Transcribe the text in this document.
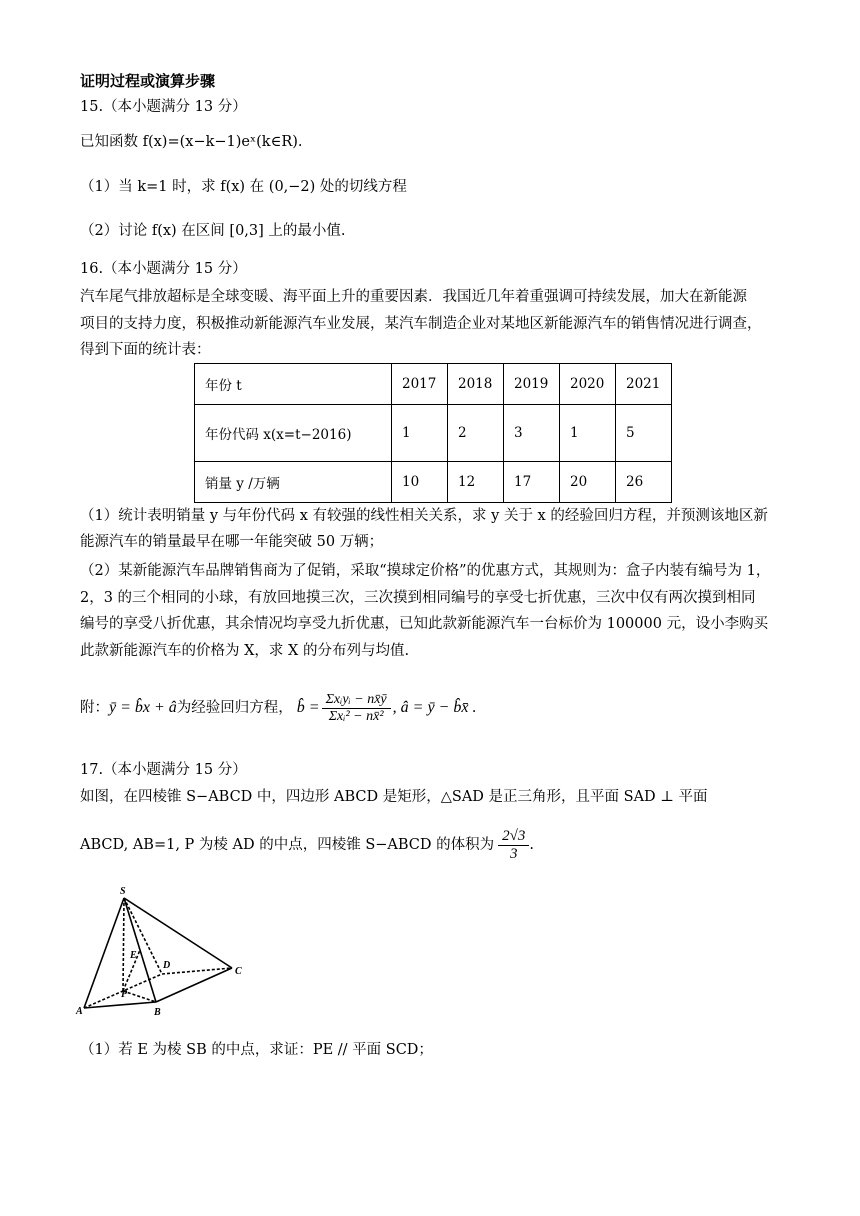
证明过程或演算步骤
15.（本小题满分 13 分）
已知函数 f(x)=(x−k−1)eˣ(k∈R).
（1）当 k=1 时，求 f(x) 在 (0,−2) 处的切线方程
（2）讨论 f(x) 在区间 [0,3] 上的最小值.
16.（本小题满分 15 分）
汽车尾气排放超标是全球变暖、海平面上升的重要因素．我国近几年着重强调可持续发展，加大在新能源
项目的支持力度，积极推动新能源汽车业发展，某汽车制造企业对某地区新能源汽车的销售情况进行调查，
得到下面的统计表：
年份 t	2017	2018	2019	2020	2021
年份代码 x(x=t−2016)	1	2	3	1	5
销量 y /万辆	10	12	17	20	26
（1）统计表明销量 y 与年份代码 x 有较强的线性相关关系，求 y 关于 x 的经验回归方程，并预测该地区新
能源汽车的销量最早在哪一年能突破 50 万辆；
（2）某新能源汽车品牌销售商为了促销，采取“摸球定价格”的优惠方式，其规则为：盒子内装有编号为 1，
2，3 的三个相同的小球，有放回地摸三次，三次摸到相同编号的享受七折优惠，三次中仅有两次摸到相同
编号的享受八折优惠，其余情况均享受九折优惠，已知此款新能源汽车一台标价为 100000 元，设小李购买
此款新能源汽车的价格为 X，求 X 的分布列与均值.
附： ȳ = b̂x + â 为经验回归方程， b̂ = $\frac{\text{Σxᵢyᵢ − nx̄ȳ}}{\text{Σxᵢ² − nx̄²}}$ , â = ȳ − b̂x̄ .
17.（本小题满分 15 分）
如图，在四棱锥 S−ABCD 中，四边形 ABCD 是矩形，△SAD 是正三角形，且平面 SAD ⊥ 平面
ABCD, AB=1, P 为棱 AD 的中点，四棱锥 S−ABCD 的体积为 $\frac{2√3}{3}$ .
S
A	B
C
D
E
P
（1）若 E 为棱 SB 的中点，求证：PE // 平面 SCD；
